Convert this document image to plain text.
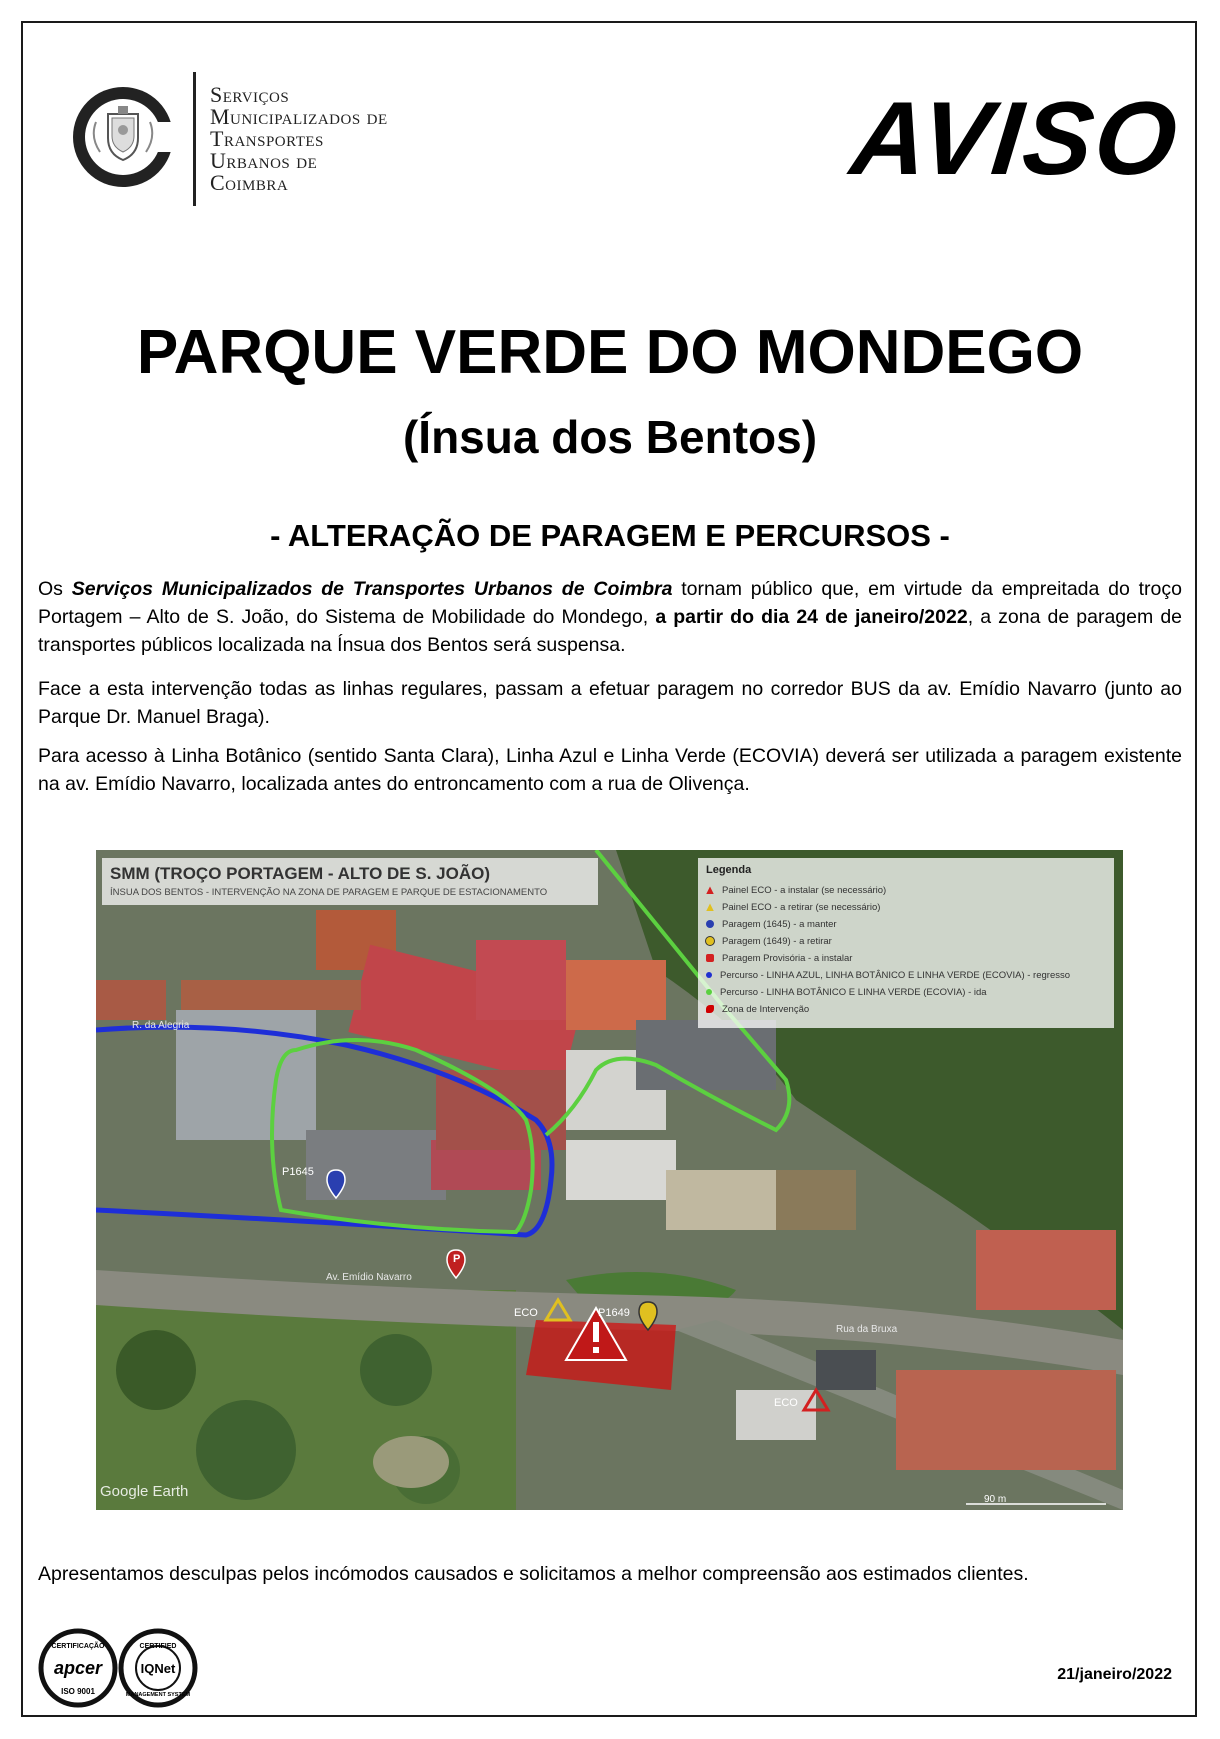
Serviços
Municipalizados de
Transportes
Urbanos de
Coimbra	AVISO
PARQUE VERDE DO MONDEGO
(Ínsua dos Bentos)
- ALTERAÇÃO DE PARAGEM E PERCURSOS -
Os Serviços Municipalizados de Transportes Urbanos de Coimbra tornam público que, em virtude da empreitada do troço Portagem – Alto de S. João, do Sistema de Mobilidade do Mondego, a partir do dia 24 de janeiro/2022, a zona de paragem de transportes públicos localizada na Ínsua dos Bentos será suspensa.
Face a esta intervenção todas as linhas regulares, passam a efetuar paragem no corredor BUS da av. Emídio Navarro (junto ao Parque Dr. Manuel Braga).
Para acesso à Linha Botânico (sentido Santa Clara), Linha Azul e Linha Verde (ECOVIA) deverá ser utilizada a paragem existente na av. Emídio Navarro, localizada antes do entroncamento com a rua de Olivença.
P1645
P1649
ECO
ECO
P
R. da Alegria
Av. Emídio Navarro
Rua da Bruxa
Google Earth	90 m
SMM (TROÇO PORTAGEM - ALTO DE S. JOÃO)
ÍNSUA DOS BENTOS - INTERVENÇÃO NA ZONA DE PARAGEM E PARQUE DE ESTACIONAMENTO
Legenda
Painel ECO - a instalar (se necessário)
Painel ECO - a retirar (se necessário)
Paragem (1645) - a manter
Paragem (1649) - a retirar
Paragem Provisória - a instalar
Percurso - LINHA AZUL, LINHA BOTÂNICO E LINHA VERDE (ECOVIA) - regresso
Percurso - LINHA BOTÂNICO E LINHA VERDE (ECOVIA) - ida
Zona de Intervenção
Apresentamos desculpas pelos incómodos causados e solicitamos a melhor compreensão aos estimados clientes.
CERTIFICAÇÃO
apcer
ISO 9001
CERTIFIED
IQNet
MANAGEMENT SYSTEM
21/janeiro/2022
